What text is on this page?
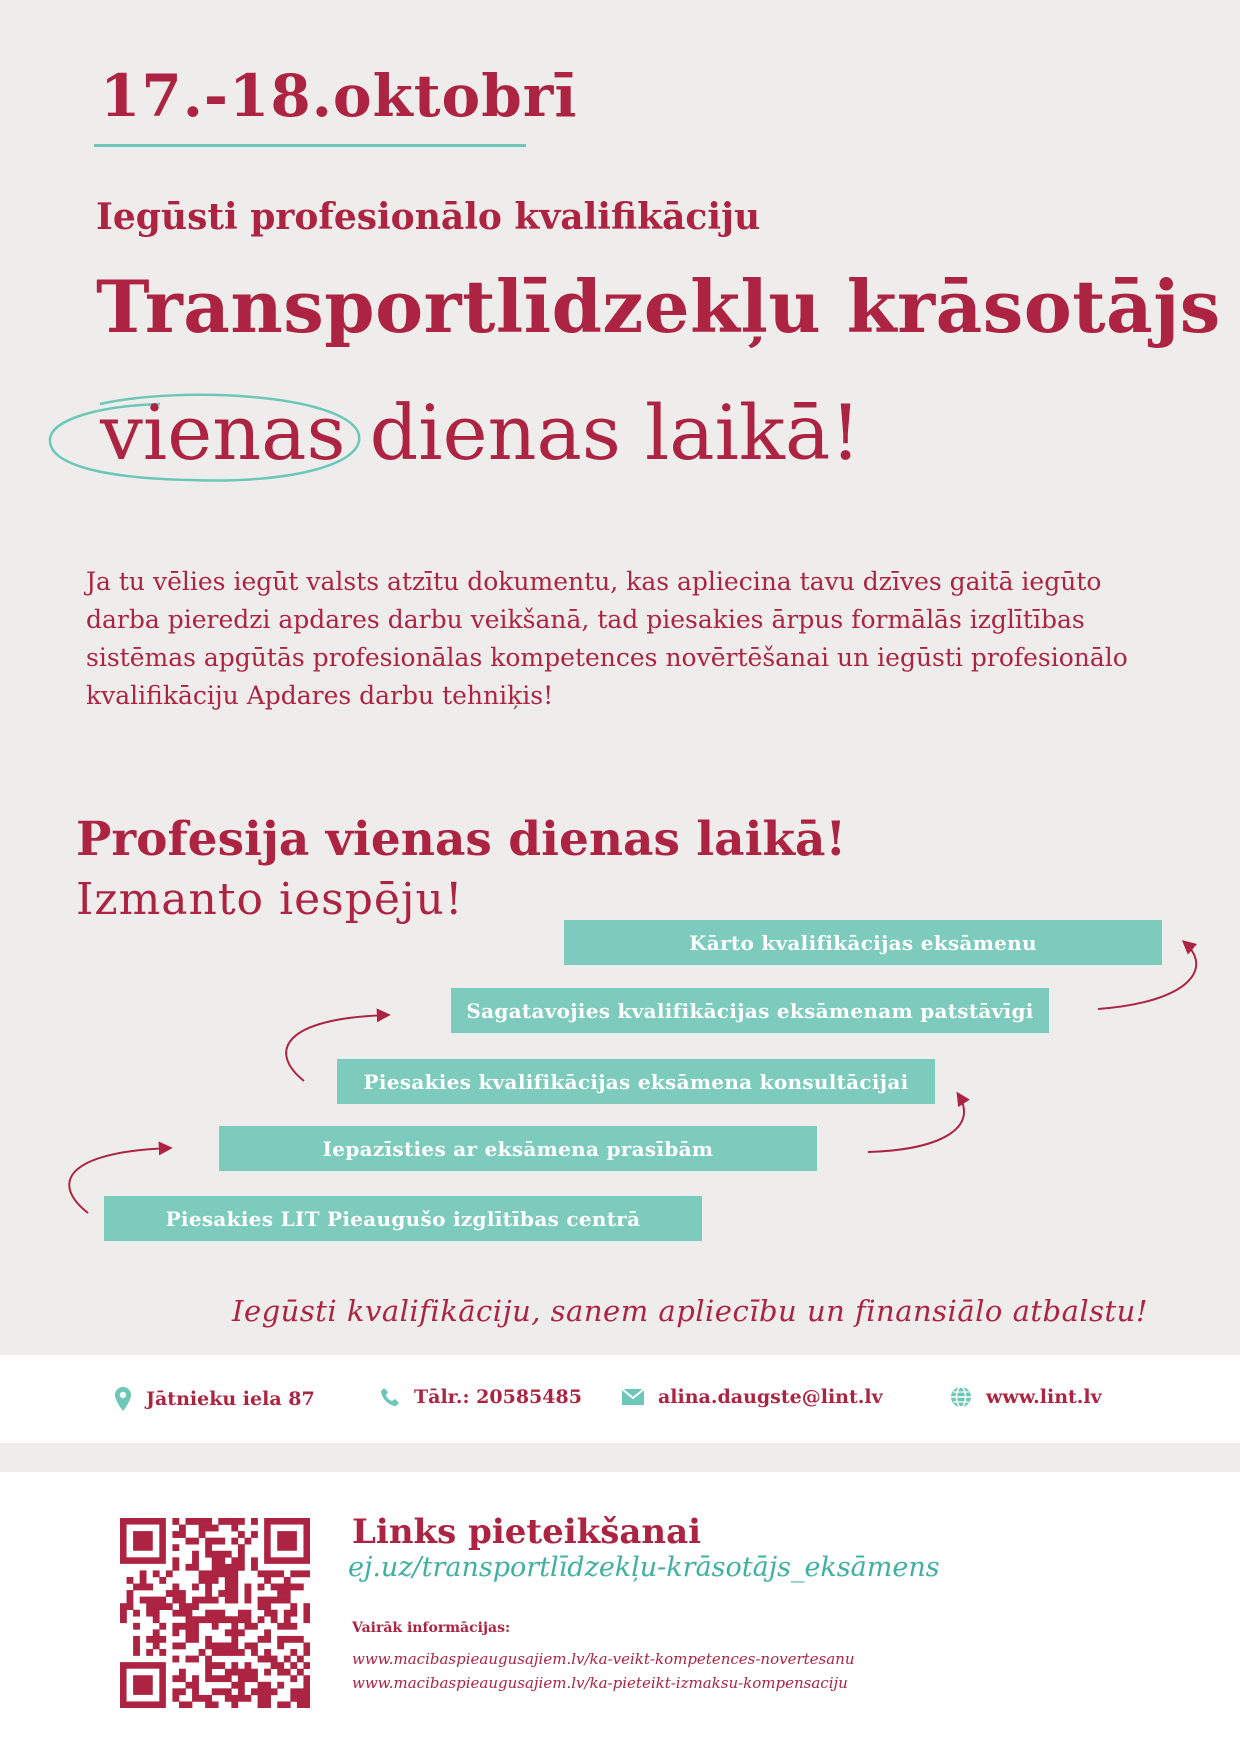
17.-18.oktobrī
Iegūsti profesionālo kvalifikāciju
Transportlīdzekļu krāsotājs
vienas dienas laikā!
Ja tu vēlies iegūt valsts atzītu dokumentu, kas apliecina tavu dzīves gaitā iegūto darba pieredzi apdares darbu veikšanā, tad piesakies ārpus formālās izglītības sistēmas apgūtās profesionālas kompetences novērtēšanai un iegūsti profesionālo kvalifikāciju Apdares darbu tehniķis!
Profesija vienas dienas laikā!
Izmanto iespēju!
Piesakies LIT Pieaugušo izglītības centrā
Iepazīsties ar eksāmena prasībām
Piesakies kvalifikācijas eksāmena konsultācijai
Sagatavojies kvalifikācijas eksāmenam patstāvīgi
Kārto kvalifikācijas eksāmenu
Iegūsti kvalifikāciju, sanem apliecību un finansiālo atbalstu!
Jātnieku iela 87	Tālr.: 20585485	alina.daugste@lint.lv	www.lint.lv
Links pieteikšanai
ej.uz/transportlīdzekļu-krāsotājs_eksāmens
Vairāk informācijas:
www.macibaspieaugusajiem.lv/ka-veikt-kompetences-novertesanu
www.macibaspieaugusajiem.lv/ka-pieteikt-izmaksu-kompensaciju
